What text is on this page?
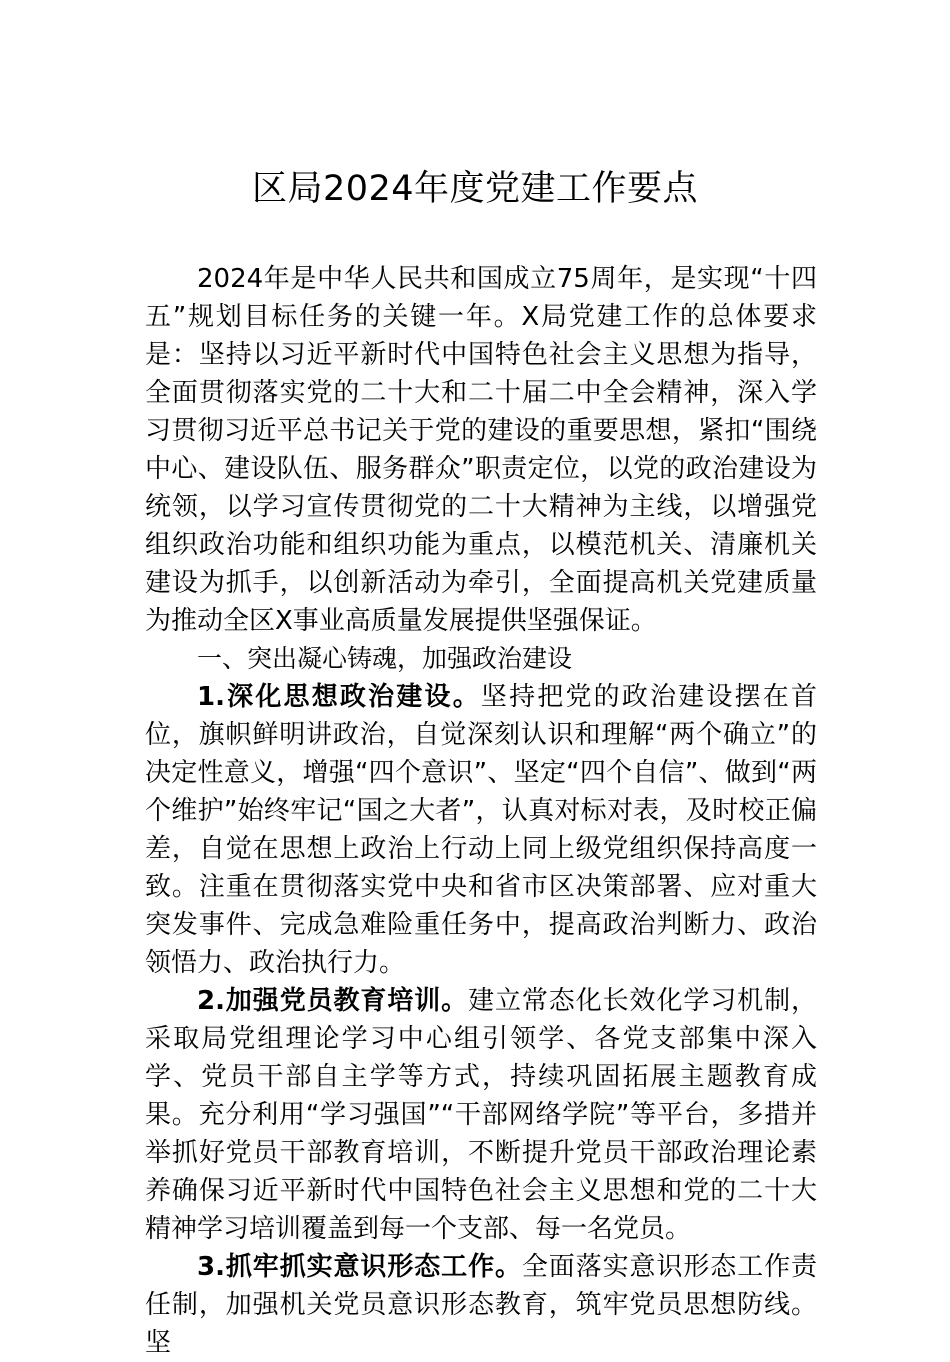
区局2024年度党建工作要点

2024年是中华人民共和国成立75周年，是实现“十四五”规划目标任务的关键一年。X局党建工作的总体要求是：坚持以习近平新时代中国特色社会主义思想为指导，全面贯彻落实党的二十大和二十届二中全会精神，深入学习贯彻习近平总书记关于党的建设的重要思想，紧扣“围绕中心、建设队伍、服务群众”职责定位，以党的政治建设为统领，以学习宣传贯彻党的二十大精神为主线，以增强党组织政治功能和组织功能为重点，以模范机关、清廉机关建设为抓手，以创新活动为牵引，全面提高机关党建质量为推动全区X事业高质量发展提供坚强保证。

一、突出凝心铸魂，加强政治建设

1.深化思想政治建设。坚持把党的政治建设摆在首位，旗帜鲜明讲政治，自觉深刻认识和理解“两个确立”的决定性意义，增强“四个意识”、坚定“四个自信”、做到“两个维护”始终牢记“国之大者”，认真对标对表，及时校正偏差，自觉在思想上政治上行动上同上级党组织保持高度一致。注重在贯彻落实党中央和省市区决策部署、应对重大突发事件、完成急难险重任务中，提高政治判断力、政治领悟力、政治执行力。

2.加强党员教育培训。建立常态化长效化学习机制，采取局党组理论学习中心组引领学、各党支部集中深入学、党员干部自主学等方式，持续巩固拓展主题教育成果。充分利用“学习强国”“干部网络学院”等平台，多措并举抓好党员干部教育培训，不断提升党员干部政治理论素养确保习近平新时代中国特色社会主义思想和党的二十大精神学习培训覆盖到每一个支部、每一名党员。

3.抓牢抓实意识形态工作。全面落实意识形态工作责任制，加强机关党员意识形态教育，筑牢党员思想防线。坚
